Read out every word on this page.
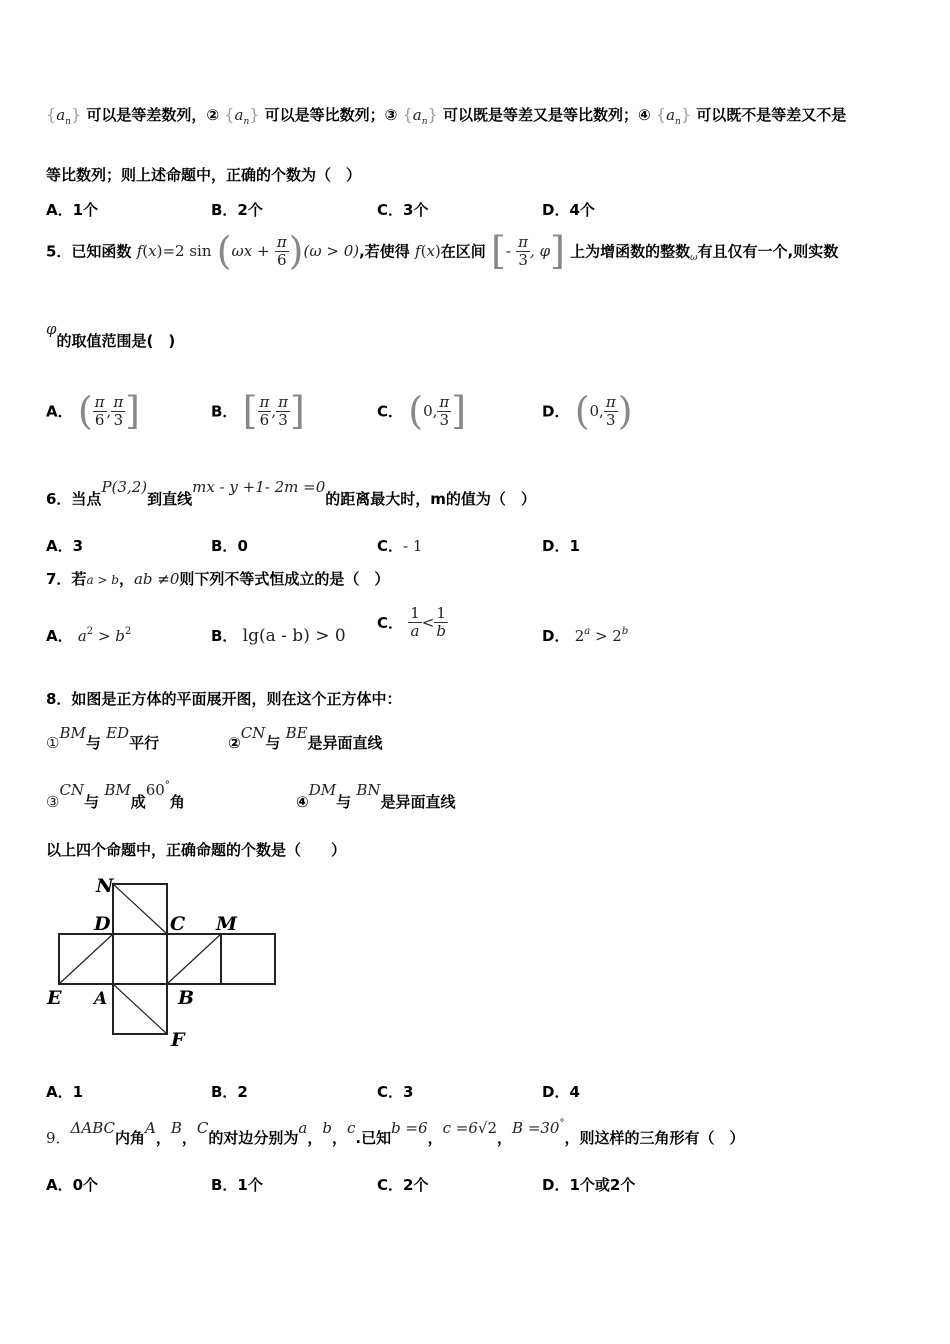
$\{a_n\}$ 可以是等差数列，② $\{a_n\}$ 可以是等比数列；③ $\{a_n\}$ 可以既是等差又是等比数列；④ $\{a_n\}$ 可以既不是等差又不是
等比数列；则上述命题中，正确的个数为（　）
A．1个	B．2个	C．3个	D．4个
5．已知函数 f(x)=2 $\sin (\omega x + \frac{\pi}{6} )(\omega > 0)$,若使得 f(x)在区间 [- $\frac{\pi}{3}$ , φ] 上为增函数的整数$_\omega$有且仅有一个,则实数
φ的取值范围是(　)
A． ( $\frac{\pi}{6}$ , $\frac{\pi}{3}$ ]	B． [ $\frac{\pi}{6}$ , $\frac{\pi}{3}$ ]	C． (0, $\frac{\pi}{3}$ ]	D． (0, $\frac{\pi}{3}$ )
6．当点P(3,2)到直线mx - y +1- 2m =0的距离最大时，m的值为（　）
A．3	B．0	C．- 1	D．1
7．若a > b，ab ≠0则下列不等式恒成立的是（　）
A． $a^2 > b^2$	B． lg(a - b) > 0
C． $\frac{1}{a} < \frac{1}{b}$	D． $2^a > 2^b$
8．如图是正方体的平面展开图，则在这个正方体中：
①BM与 ED平行	②CN与 BE是异面直线
③CN与 BM成60°角	④DM与 BN是异面直线
以上四个命题中，正确命题的个数是（　　）
N
D	C M
E A	B
F
A．1	B．2	C．3	D．4
9．ΔABC内角A，B，C的对边分别为a，b，c.已知b =6，c =6√2，B =30°，则这样的三角形有（　）
A．0个	B．1个	C．2个	D．1个或2个
